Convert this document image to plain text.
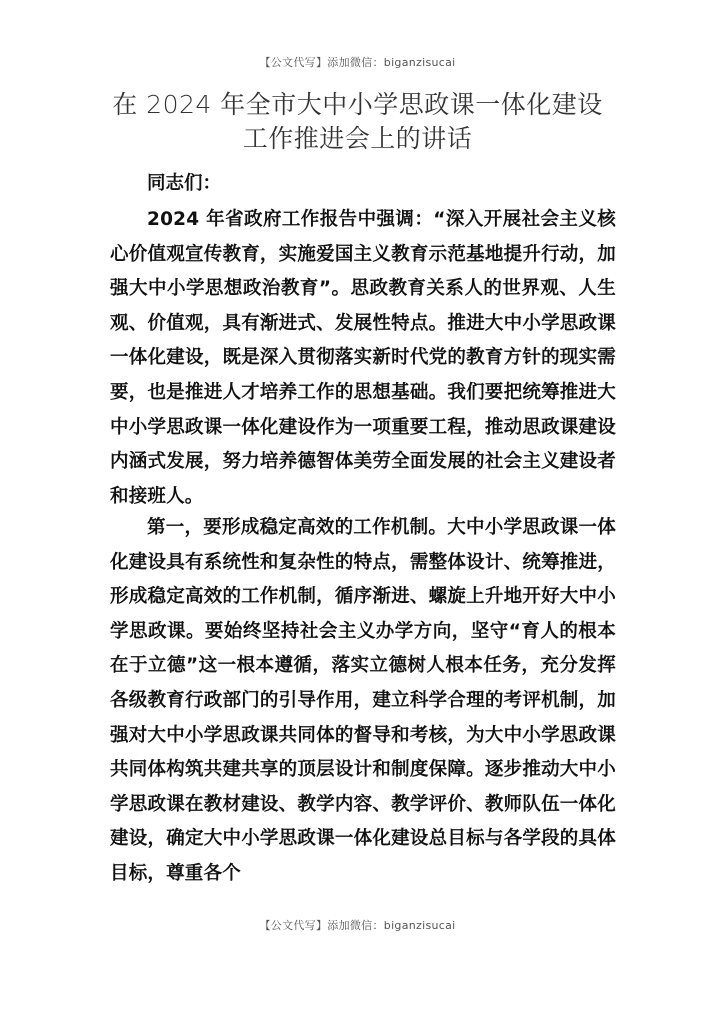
【公文代写】添加微信：biganzisucai
在 2024 年全市大中小学思政课一体化建设
工作推进会上的讲话
同志们：

2024 年省政府工作报告中强调：“深入开展社会主义核心价值观宣传教育，实施爱国主义教育示范基地提升行动，加强大中小学思想政治教育”。思政教育关系人的世界观、人生观、价值观，具有渐进式、发展性特点。推进大中小学思政课一体化建设，既是深入贯彻落实新时代党的教育方针的现实需要，也是推进人才培养工作的思想基础。我们要把统筹推进大中小学思政课一体化建设作为一项重要工程，推动思政课建设内涵式发展，努力培养德智体美劳全面发展的社会主义建设者和接班人。

第一，要形成稳定高效的工作机制。大中小学思政课一体化建设具有系统性和复杂性的特点，需整体设计、统筹推进，形成稳定高效的工作机制，循序渐进、螺旋上升地开好大中小学思政课。要始终坚持社会主义办学方向，坚守“育人的根本在于立德”这一根本遵循，落实立德树人根本任务，充分发挥各级教育行政部门的引导作用，建立科学合理的考评机制，加强对大中小学思政课共同体的督导和考核，为大中小学思政课共同体构筑共建共享的顶层设计和制度保障。逐步推动大中小学思政课在教材建设、教学内容、教学评价、教师队伍一体化建设，确定大中小学思政课一体化建设总目标与各学段的具体目标，尊重各个

【公文代写】添加微信：biganzisucai
